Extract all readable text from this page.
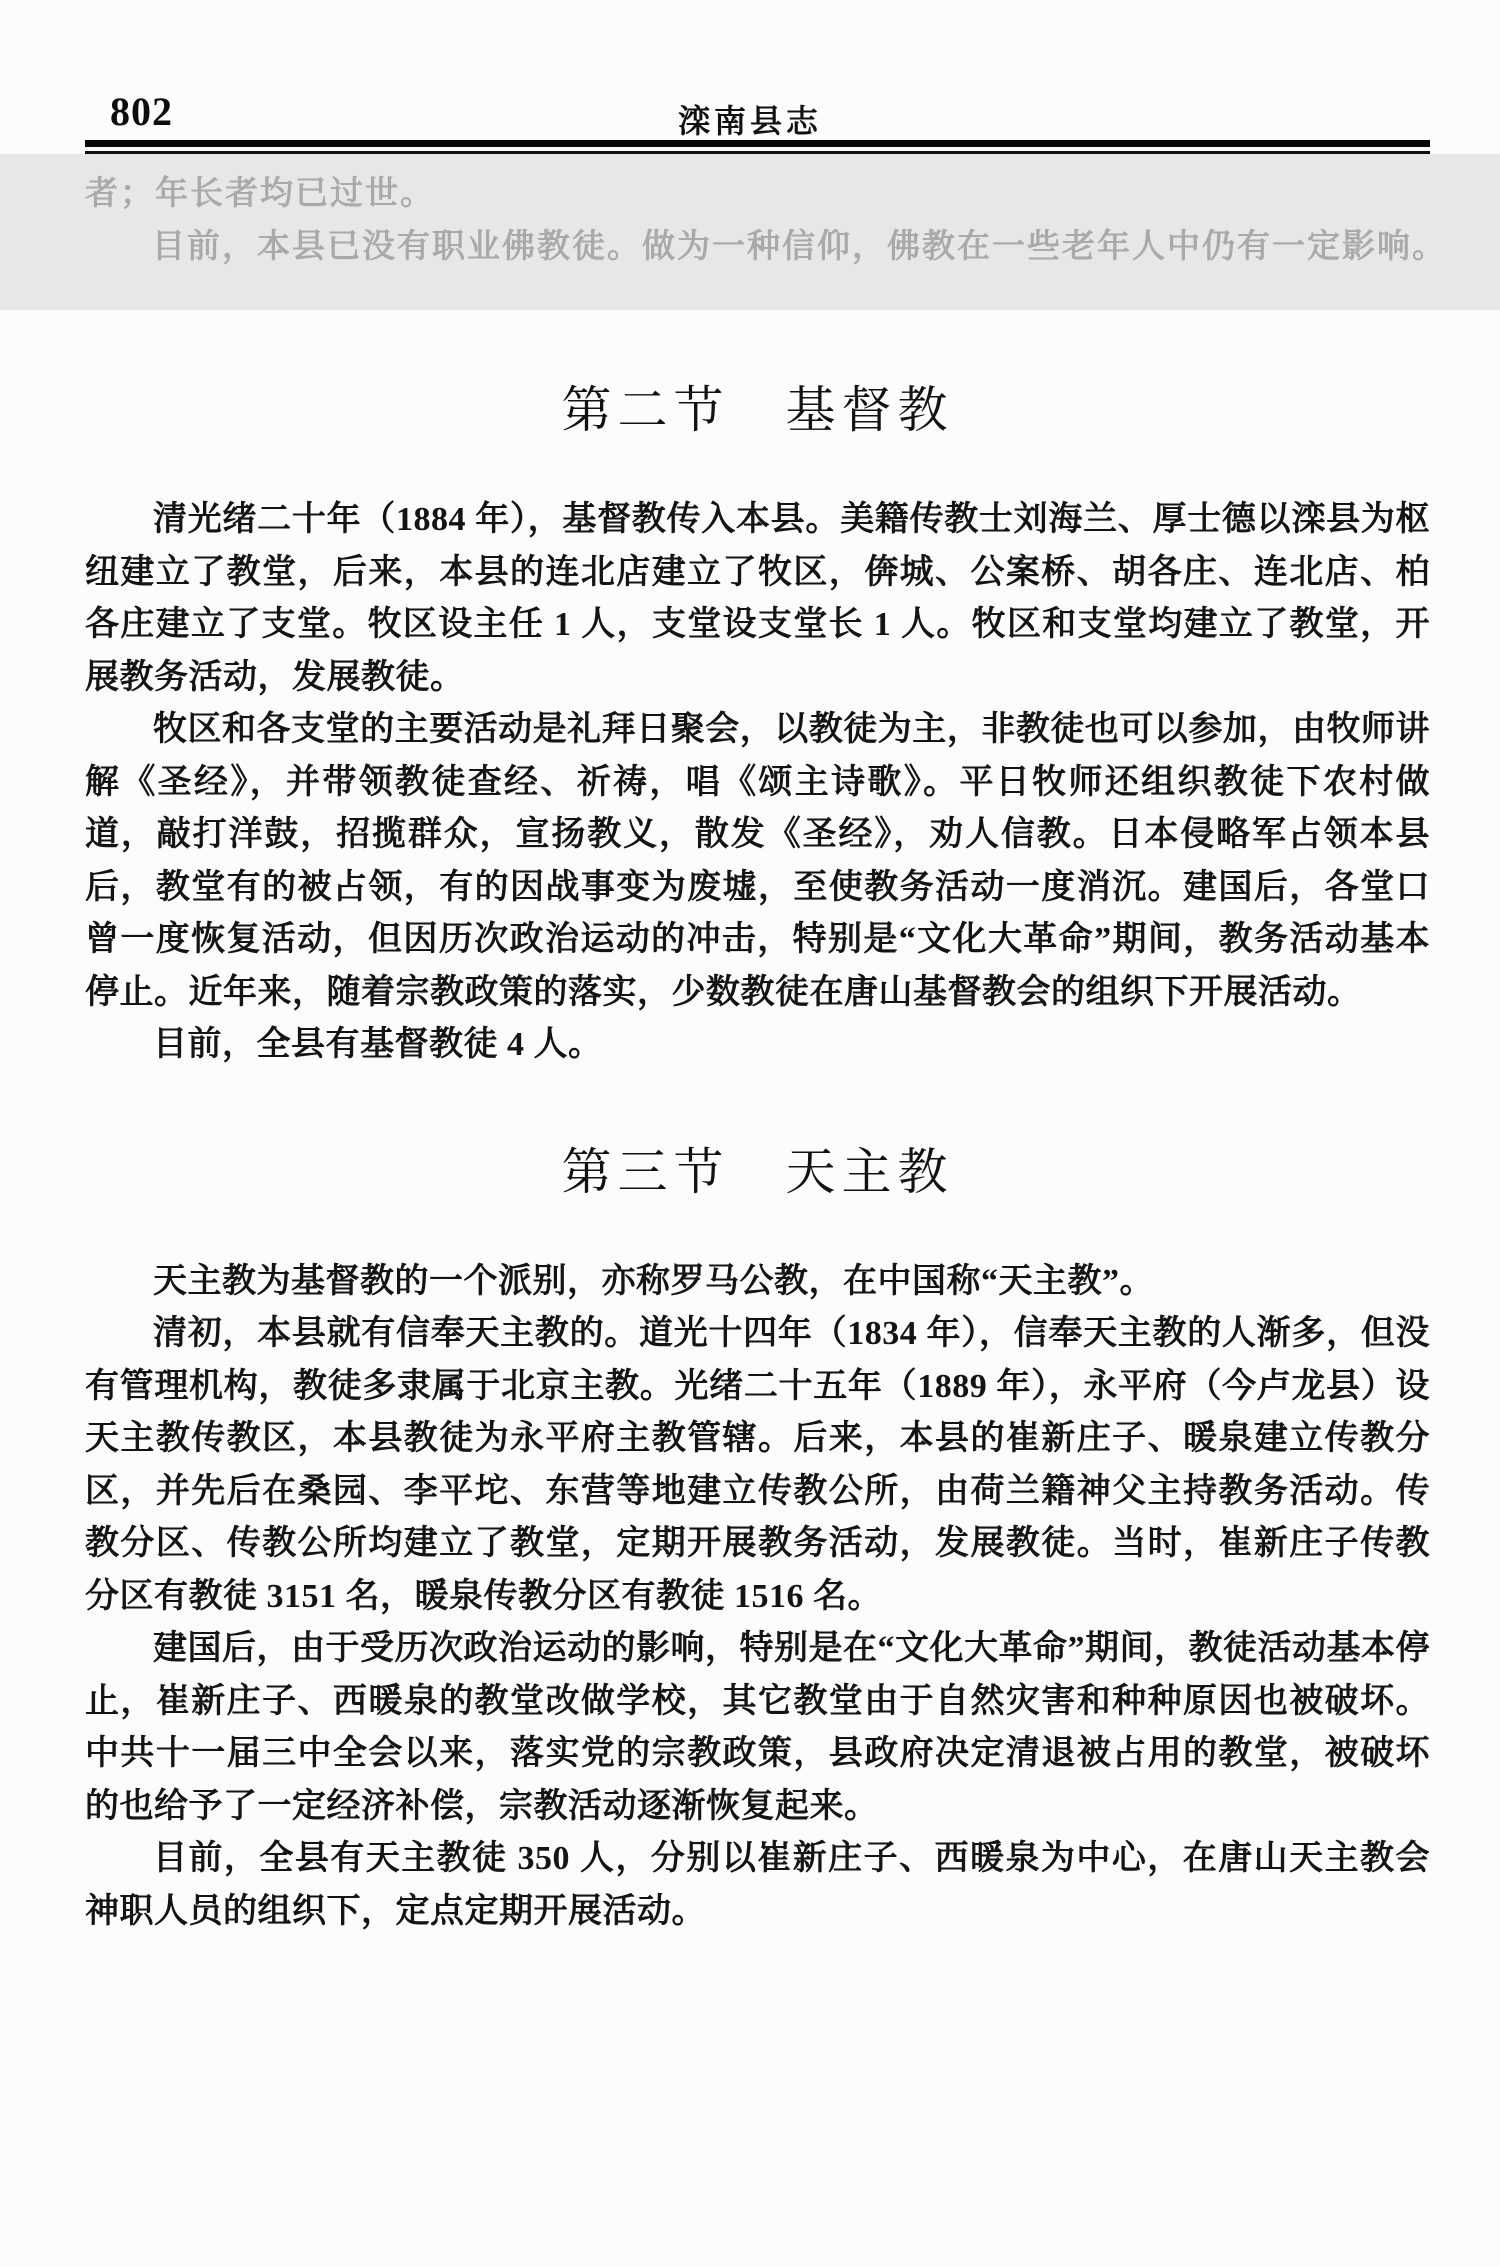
802	滦南县志

者；年长者均已过世。

目前，本县已没有职业佛教徒。做为一种信仰，佛教在一些老年人中仍有一定影响。

第二节　基督教

清光绪二十年（1884 年），基督教传入本县。美籍传教士刘海兰、厚士德以滦县为枢纽建立了教堂，后来，本县的连北店建立了牧区，倴城、公案桥、胡各庄、连北店、柏各庄建立了支堂。牧区设主任 1 人，支堂设支堂长 1 人。牧区和支堂均建立了教堂，开展教务活动，发展教徒。

牧区和各支堂的主要活动是礼拜日聚会，以教徒为主，非教徒也可以参加，由牧师讲解《圣经》，并带领教徒查经、祈祷，唱《颂主诗歌》。平日牧师还组织教徒下农村做道，敲打洋鼓，招揽群众，宣扬教义，散发《圣经》，劝人信教。日本侵略军占领本县后，教堂有的被占领，有的因战事变为废墟，至使教务活动一度消沉。建国后，各堂口曾一度恢复活动，但因历次政治运动的冲击，特别是“文化大革命”期间，教务活动基本停止。近年来，随着宗教政策的落实，少数教徒在唐山基督教会的组织下开展活动。

目前，全县有基督教徒 4 人。

第三节　天主教

天主教为基督教的一个派别，亦称罗马公教，在中国称“天主教”。

清初，本县就有信奉天主教的。道光十四年（1834 年），信奉天主教的人渐多，但没有管理机构，教徒多隶属于北京主教。光绪二十五年（1889 年），永平府（今卢龙县）设天主教传教区，本县教徒为永平府主教管辖。后来，本县的崔新庄子、暖泉建立传教分区，并先后在桑园、李平坨、东营等地建立传教公所，由荷兰籍神父主持教务活动。传教分区、传教公所均建立了教堂，定期开展教务活动，发展教徒。当时，崔新庄子传教分区有教徒 3151 名，暖泉传教分区有教徒 1516 名。

建国后，由于受历次政治运动的影响，特别是在“文化大革命”期间，教徒活动基本停止，崔新庄子、西暖泉的教堂改做学校，其它教堂由于自然灾害和种种原因也被破坏。中共十一届三中全会以来，落实党的宗教政策，县政府决定清退被占用的教堂，被破坏的也给予了一定经济补偿，宗教活动逐渐恢复起来。

目前，全县有天主教徒 350 人，分别以崔新庄子、西暖泉为中心，在唐山天主教会神职人员的组织下，定点定期开展活动。
